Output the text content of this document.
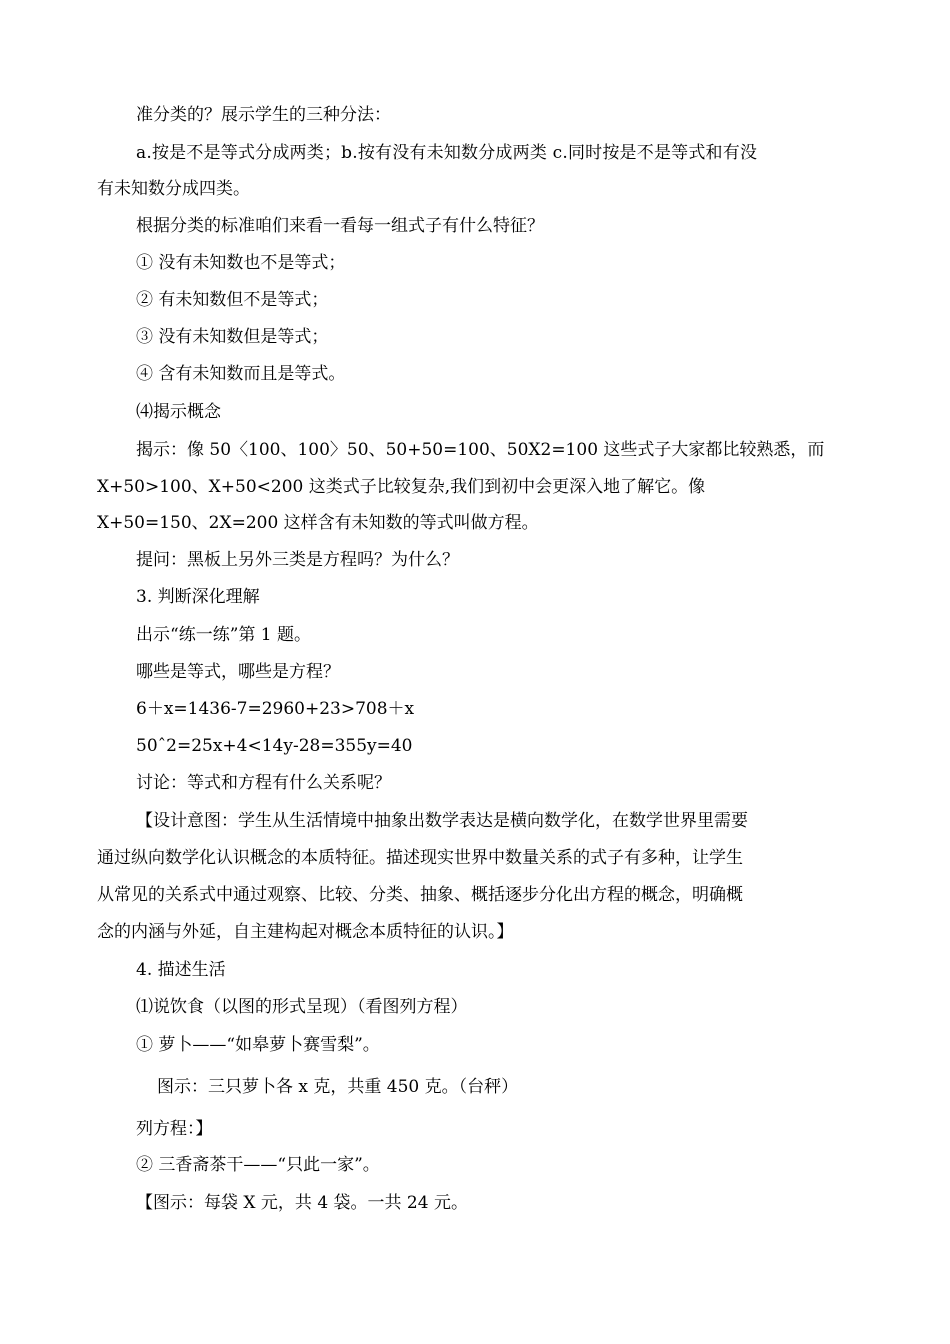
准分类的？展示学生的三种分法：
a.按是不是等式分成两类；b.按有没有未知数分成两类 c.同时按是不是等式和有没
有未知数分成四类。
根据分类的标准咱们来看一看每一组式子有什么特征？
① 没有未知数也不是等式；
② 有未知数但不是等式；
③ 没有未知数但是等式；
④ 含有未知数而且是等式。
⑷揭示概念
揭示：像 50〈100、100〉50、50+50=100、50X2=100 这些式子大家都比较熟悉，而
X+50>100、X+50<200 这类式子比较复杂,我们到初中会更深入地了解它。像
X+50=150、2X=200 这样含有未知数的等式叫做方程。
提问：黑板上另外三类是方程吗？为什么？
3. 判断深化理解
出示“练一练”第 1 题。
哪些是等式，哪些是方程？
6＋x=1436-7=2960+23>708＋x
50ˆ2=25x+4<14y-28=355y=40
讨论：等式和方程有什么关系呢？
【设计意图：学生从生活情境中抽象出数学表达是横向数学化，在数学世界里需要
通过纵向数学化认识概念的本质特征。描述现实世界中数量关系的式子有多种，让学生
从常见的关系式中通过观察、比较、分类、抽象、概括逐步分化出方程的概念，明确概
念的内涵与外延，自主建构起对概念本质特征的认识。】
4. 描述生活
⑴说饮食（以图的形式呈现）（看图列方程）
① 萝卜——“如皋萝卜赛雪梨”。
图示：三只萝卜各 x 克，共重 450 克。（台秤）
列方程：】
② 三香斋茶干——“只此一家”。
【图示：每袋 X 元，共 4 袋。一共 24 元。
